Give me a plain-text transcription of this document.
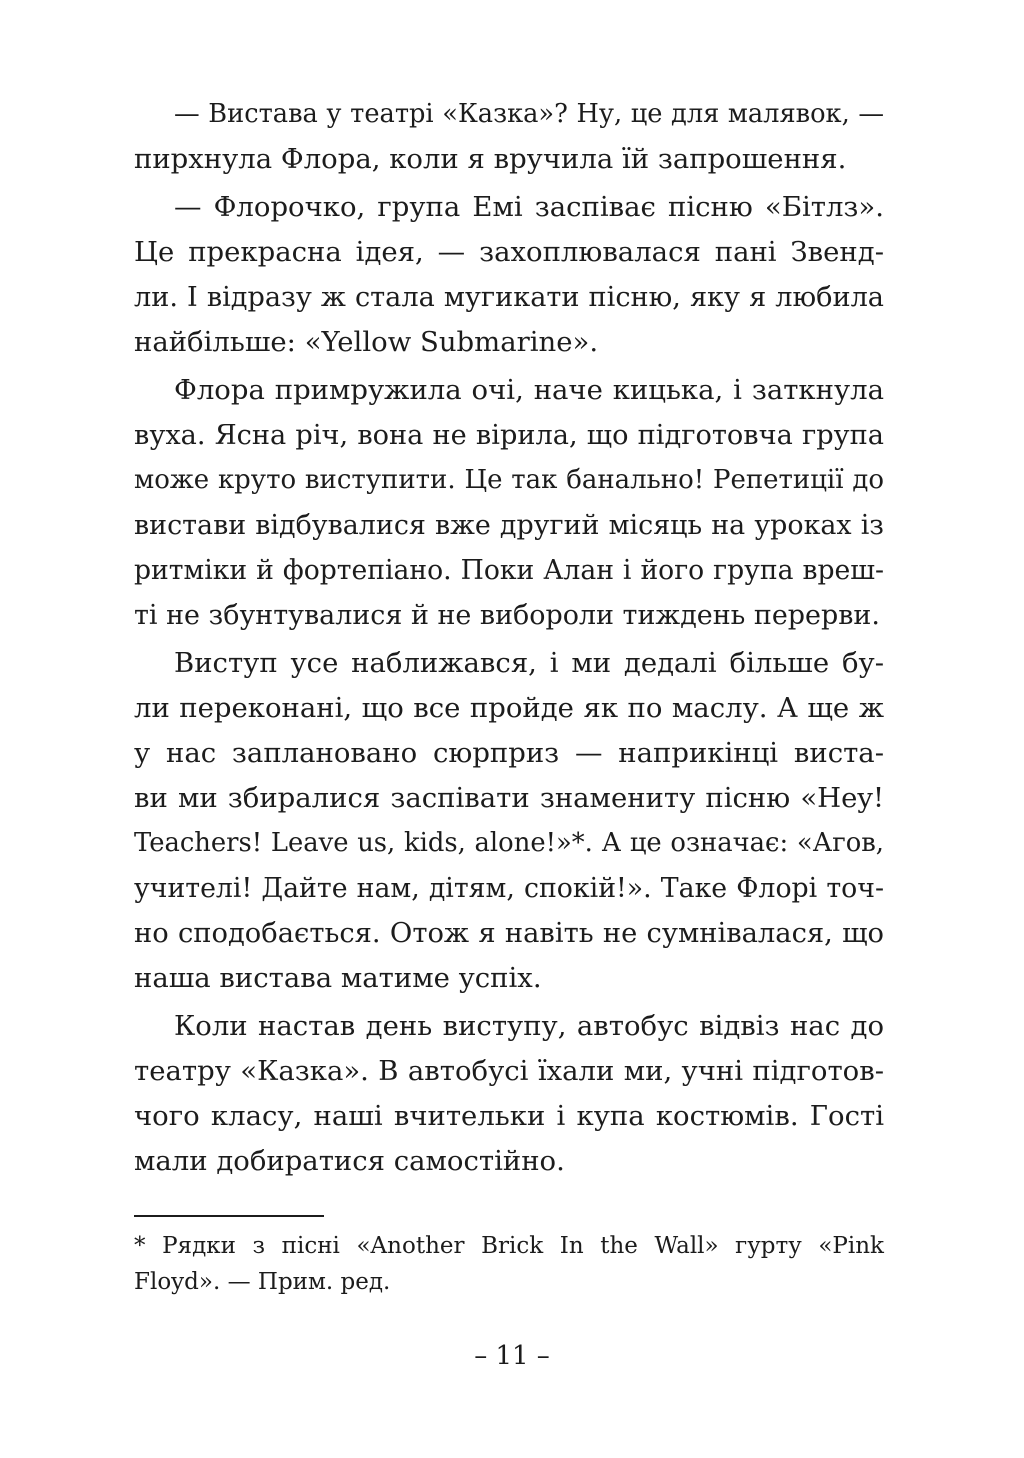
— Вистава у театрі «Казка»? Ну, це для малявок, —
пирхнула Флора, коли я вручила їй запрошення.
— Флорочко, група Емі заспіває пісню «Бітлз».
Це прекрасна ідея, — захоплювалася пані Звенд-
ли. І відразу ж стала мугикати пісню, яку я любила
найбільше: «Yellow Submarine».
Флора примружила очі, наче кицька, і заткнула
вуха. Ясна річ, вона не вірила, що підготовча група
може круто виступити. Це так банально! Репетиції до
вистави відбувалися вже другий місяць на уроках із
ритміки й фортепіано. Поки Алан і його група вреш-
ті не збунтувалися й не вибороли тиждень перерви.
Виступ усе наближався, і ми дедалі більше бу-
ли переконані, що все пройде як по маслу. А ще ж
у нас заплановано сюрприз — наприкінці виста-
ви ми збиралися заспівати знамениту пісню «Hey!
Teachers! Leave us, kids, alone!»*. А це означає: «Агов,
учителі! Дайте нам, дітям, спокій!». Таке Флорі точ-
но сподобається. Отож я навіть не сумнівалася, що
наша вистава матиме успіх.
Коли настав день виступу, автобус відвіз нас до
театру «Казка». В автобусі їхали ми, учні підготов-
чого класу, наші вчительки і купа костюмів. Гості
мали добиратися самостійно.
* Рядки з пісні «Another Brick In the Wall» гурту «Pink
Floyd». — Прим. ред.
– 11 –
